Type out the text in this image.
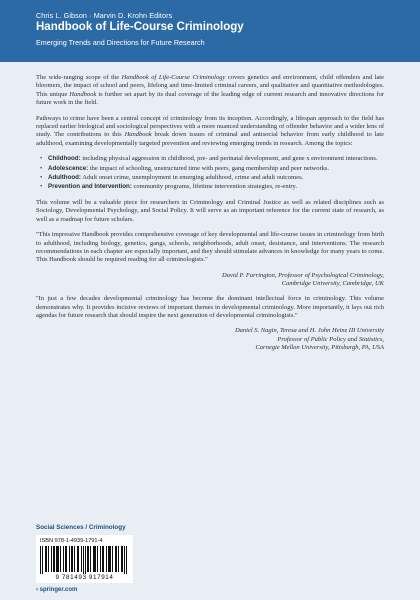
Chris L. Gibson · Marvin D. Krohn Editors
Handbook of Life-Course Criminology
Emerging Trends and Directions for Future Research

The wide-ranging scope of the Handbook of Life-Course Criminology covers genetics and environment, child offenders and late bloomers, the impact of school and peers, lifelong and time-limited criminal careers, and qualitative and quantitative methodologies. This unique Handbook is further set apart by its dual coverage of the leading edge of current research and innovative directions for future work in the field.

Pathways to crime have been a central concept of criminology from its inception. Accordingly, a lifespan approach to the field has replaced earlier biological and sociological perspectives with a more nuanced understanding of offender behavior and a wider lens of study. The contributions to this Handbook break down issues of criminal and antisocial behavior from early childhood to late adulthood, examining developmentally targeted prevention and reviewing emerging trends in research. Among the topics:

• Childhood: including physical aggression in childhood, pre- and perinatal development, and gene x environment interactions.
• Adolescence: the impact of schooling, unstructured time with peers, gang membership and peer networks.
• Adulthood: Adult onset crime, unemployment in emerging adulthood, crime and adult outcomes.
• Prevention and Intervention: community programs, lifetime intervention strategies, re-entry.

This volume will be a valuable piece for researchers in Criminology and Criminal Justice as well as related disciplines such as Sociology, Developmental Psychology, and Social Policy. It will serve as an important reference for the current state of research, as well as a roadmap for future scholars.

"This impressive Handbook provides comprehensive coverage of key developmental and life-course issues in criminology from birth to adulthood, including biology, genetics, gangs, schools, neighborhoods, adult onset, desistance, and interventions. The research recommendations in each chapter are especially important, and they should stimulate advances in knowledge for many years to come. This Handbook should be required reading for all criminologists."

David P. Farrington, Professor of Psychological Criminology,
Cambridge University, Cambridge, UK

"In just a few decades developmental criminology has become the dominant intellectual force in criminology. This volume demonstrates why. It provides incisive reviews of important themes in developmental criminology. More importantly, it lays out rich agendas for future research that should inspire the next generation of developmental criminologists."

Daniel S. Nagin, Teresa and H. John Heinz III University
Professor of Public Policy and Statistics,
Carnegie Mellon University, Pittsburgh, PA, USA
Social Sciences / Criminology
ISBN 978-1-4939-1791-4
9 781493 917914
› springer.com
